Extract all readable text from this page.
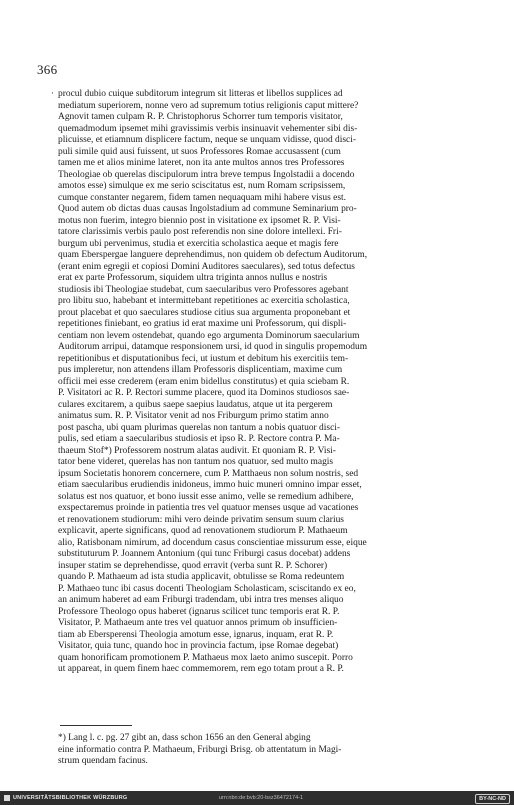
366
· procul dubio cuique subditorum integrum sit litteras et libellos supplices ad
mediatum superiorem, nonne vero ad supremum totius religionis caput mittere?
Agnovit tamen culpam R. P. Christophorus Schorrer tum temporis visitator,
quemadmodum ipsemet mihi gravissimis verbis insinuavit vehementer sibi dis-
plicuisse, et etiamnum displicere factum, neque se unquam vidisse, quod disci-
puli simile quid ausi fuissent, ut suos Professores Romae accusassent (cum
tamen me et alios minime lateret, non ita ante multos annos tres Professores
Theologiae ob querelas discipulorum intra breve tempus Ingolstadii a docendo
amotos esse) simulque ex me serio sciscitatus est, num Romam scripsissem,
cumque constanter negarem, fidem tamen nequaquam mihi habere visus est.
Quod autem ob dictas duas causas Ingolstadium ad commune Seminarium pro-
motus non fuerim, integro biennio post in visitatione ex ipsomet R. P. Visi-
tatore clarissimis verbis paulo post referendis non sine dolore intellexi. Fri-
burgum ubi pervenimus, studia et exercitia scholastica aeque et magis fere
quam Eberspergae languere deprehendimus, non quidem ob defectum Auditorum,
(erant enim egregii et copiosi Domini Auditores saeculares), sed totus defectus
erat ex parte Professorum, siquidem ultra triginta annos nullus e nostris
studiosis ibi Theologiae studebat, cum saecularibus vero Professores agebant
pro libitu suo, habebant et intermittebant repetitiones ac exercitia scholastica,
prout placebat et quo saeculares studiose citius sua argumenta proponebant et
repetitiones finiebant, eo gratius id erat maxime uni Professorum, qui displi-
centiam non levem ostendebat, quando ego argumenta Dominorum saecularium
Auditorum arripui, datamque responsionem ursi, id quod in singulis propemodum
repetitionibus et disputationibus feci, ut iustum et debitum his exercitiis tem-
pus impleretur, non attendens illam Professoris displicentiam, maxime cum
officii mei esse crederem (eram enim bidellus constitutus) et quia sciebam R.
P. Visitatori ac R. P. Rectori summe placere, quod ita Dominos studiosos sae-
culares excitarem, a quibus saepe saepius laudatus, atque ut ita pergerem
animatus sum. R. P. Visitator venit ad nos Friburgum primo statim anno
post pascha, ubi quam plurimas querelas non tantum a nobis quatuor disci-
pulis, sed etiam a saecularibus studiosis et ipso R. P. Rectore contra P. Ma-
thaeum Stof*) Professorem nostrum alatas audivit. Et quoniam R. P. Visi-
tator bene videret, querelas has non tantum nos quatuor, sed multo magis
ipsum Societatis honorem concernere, cum P. Matthaeus non solum nostris, sed
etiam saecularibus erudiendis inidoneus, immo huic muneri omnino impar esset,
solatus est nos quatuor, et bono iussit esse animo, velle se remedium adhibere,
exspectaremus proinde in patientia tres vel quatuor menses usque ad vacationes
et renovationem studiorum: mihi vero deinde privatim sensum suum clarius
explicavit, aperte significans, quod ad renovationem studiorum P. Mathaeum
alio, Ratisbonam nimirum, ad docendum casus conscientiae missurum esse, eique
substituturum P. Joannem Antonium (qui tunc Friburgi casus docebat) addens
insuper statim se deprehendisse, quod erravit (verba sunt R. P. Schorer)
quando P. Mathaeum ad ista studia applicavit, obtulisse se Roma redeuntem
P. Mathaeo tunc ibi casus docenti Theologiam Scholasticam, sciscitando ex eo,
an animum haberet ad eam Friburgi tradendam, ubi intra tres menses aliquo
Professore Theologo opus haberet (ignarus scilicet tunc temporis erat R. P.
Visitator, P. Mathaeum ante tres vel quatuor annos primum ob insufficien-
tiam ab Ebersperensi Theologia amotum esse, ignarus, inquam, erat R. P.
Visitator, quia tunc, quando hoc in provincia factum, ipse Romae degebat)
quam honorificam promotionem P. Mathaeus mox laeto animo suscepit. Porro
ut appareat, in quem finem haec commemorem, rem ego totam prout a R. P.
*) Lang l. c. pg. 27 gibt an, dass schon 1656 an den General abging
eine informatio contra P. Mathaeum, Friburgi Brisg. ob attentatum in Magi-
strum quendam facinus.
UNIVERSITÄTSBIBLIOTHEK WÜRZBURG	urn:nbn:de:bvb:20-bsz36472174-1	BY-NC-ND
